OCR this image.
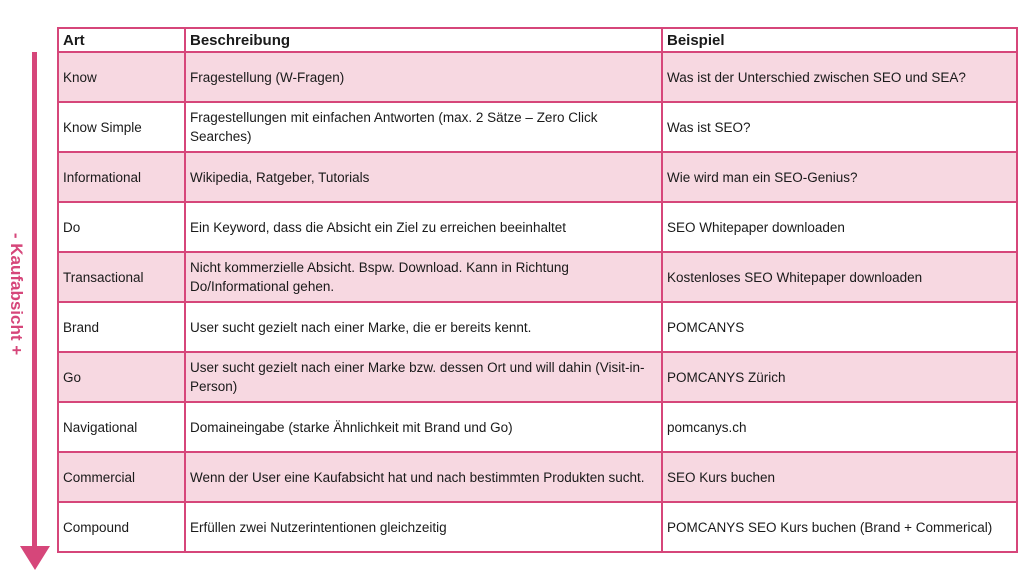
- Kaufabsicht +
Art	Beschreibung	Beispiel
Know	Fragestellung (W-Fragen)	Was ist der Unterschied zwischen SEO und SEA?
Know Simple	Fragestellungen mit einfachen Antworten (max. 2 Sätze – Zero Click Searches)	Was ist SEO?
Informational	Wikipedia, Ratgeber, Tutorials	Wie wird man ein SEO-Genius?
Do	Ein Keyword, dass die Absicht ein Ziel zu erreichen beeinhaltet	SEO Whitepaper downloaden
Transactional	Nicht kommerzielle Absicht. Bspw. Download. Kann in Richtung Do/Informational gehen.	Kostenloses SEO Whitepaper downloaden
Brand	User sucht gezielt nach einer Marke, die er bereits kennt.	POMCANYS
Go	User sucht gezielt nach einer Marke bzw. dessen Ort und will dahin (Visit-in-Person)	POMCANYS Zürich
Navigational	Domaineingabe (starke Ähnlichkeit mit Brand und Go)	pomcanys.ch
Commercial	Wenn der User eine Kaufabsicht hat und nach bestimmten Produkten sucht.	SEO Kurs buchen
Compound	Erfüllen zwei Nutzerintentionen gleichzeitig	POMCANYS SEO Kurs buchen (Brand + Commerical)
